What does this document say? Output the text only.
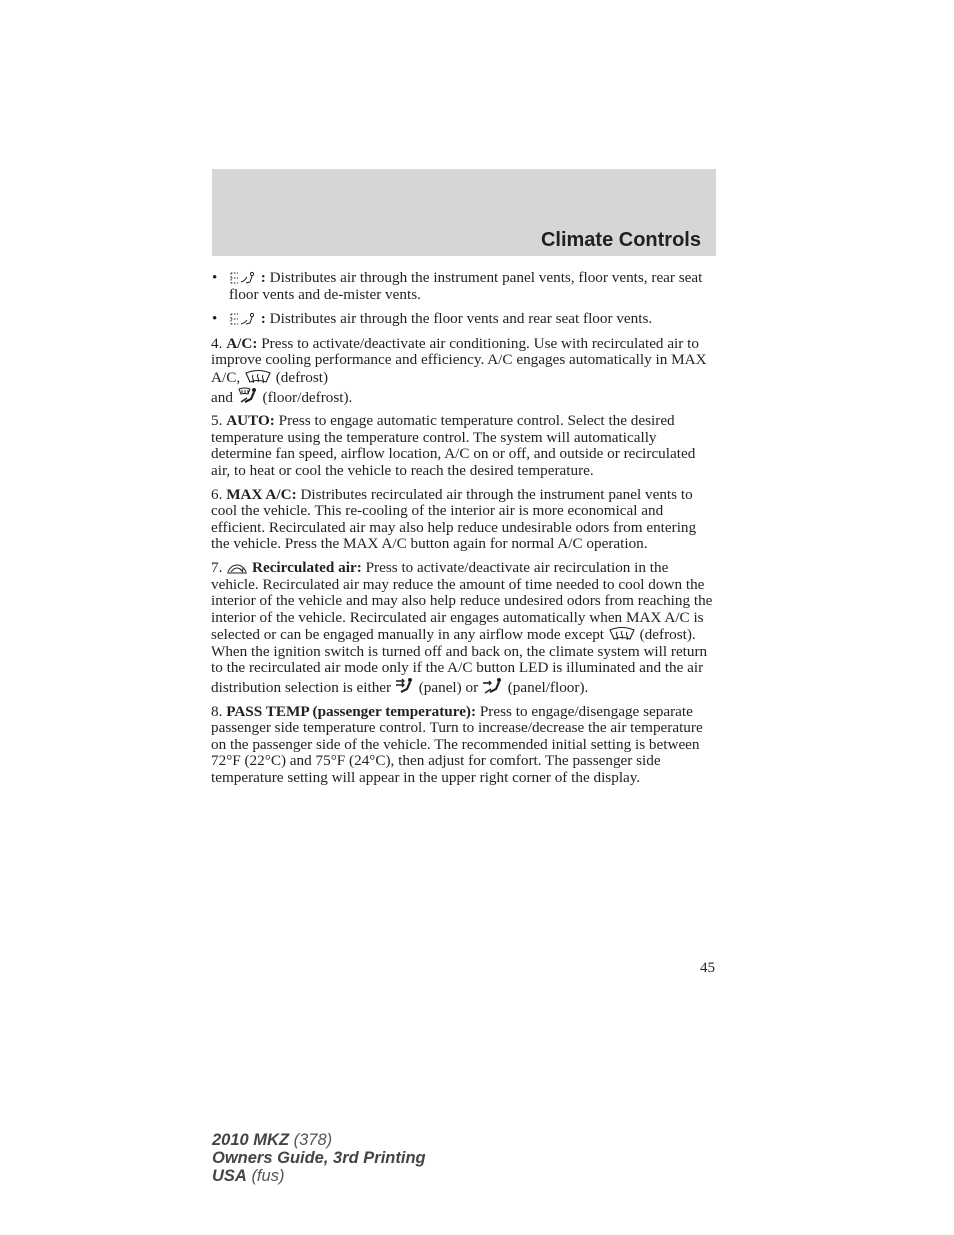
Climate Controls
•	: Distributes air through the instrument panel vents, floor vents, rear seat floor vents and de-mister vents.
•	: Distributes air through the floor vents and rear seat floor vents.

4. A/C: Press to activate/deactivate air conditioning. Use with recirculated air to improve cooling performance and efficiency. A/C engages automatically in MAX A/C, (defrost)
and (floor/defrost).

5. AUTO: Press to engage automatic temperature control. Select the desired temperature using the temperature control. The system will automatically determine fan speed, airflow location, A/C on or off, and outside or recirculated air, to heat or cool the vehicle to reach the desired temperature.

6. MAX A/C: Distributes recirculated air through the instrument panel vents to cool the vehicle. This re-cooling of the interior air is more economical and efficient. Recirculated air may also help reduce undesirable odors from entering the vehicle. Press the MAX A/C button again for normal A/C operation.

7. Recirculated air: Press to activate/deactivate air recirculation in the vehicle. Recirculated air may reduce the amount of time needed to cool down the interior of the vehicle and may also help reduce undesired odors from reaching the interior of the vehicle. Recirculated air engages automatically when MAX A/C is selected or can be engaged manually in any airflow mode except (defrost). When the ignition switch is turned off and back on, the climate system will return to the recirculated air mode only if the A/C button LED is illuminated and the air distribution selection is either (panel) or (panel/floor).

8. PASS TEMP (passenger temperature): Press to engage/disengage separate passenger side temperature control. Turn to increase/decrease the air temperature on the passenger side of the vehicle. The recommended initial setting is between 72°F (22°C) and 75°F (24°C), then adjust for comfort. The passenger side temperature setting will appear in the upper right corner of the display.

45
2010 MKZ (378)
Owners Guide, 3rd Printing
USA (fus)
